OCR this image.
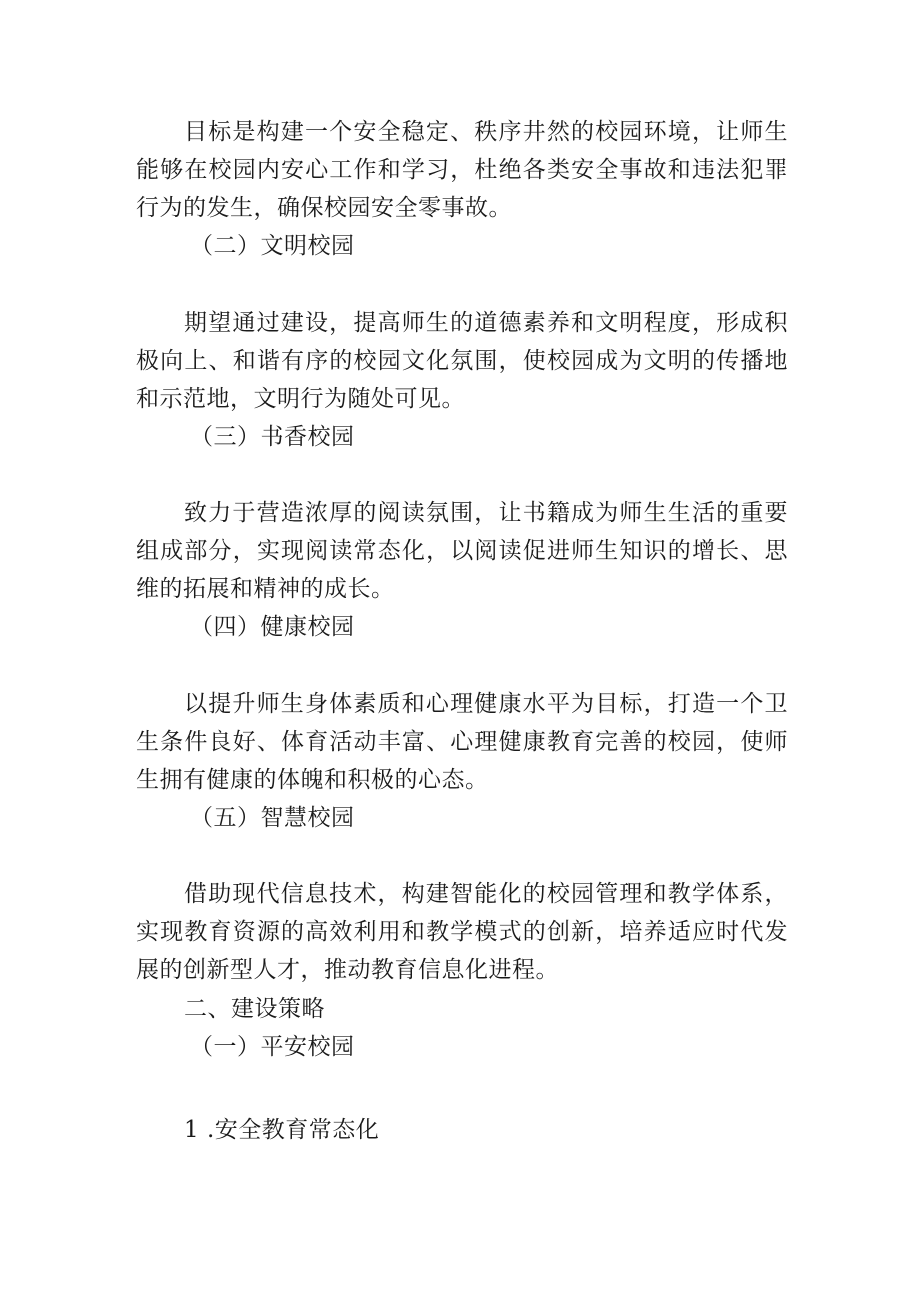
目标是构建一个安全稳定、秩序井然的校园环境，让师生能够在校园内安心工作和学习，杜绝各类安全事故和违法犯罪行为的发生，确保校园安全零事故。

（二）文明校园

期望通过建设，提高师生的道德素养和文明程度，形成积极向上、和谐有序的校园文化氛围，使校园成为文明的传播地和示范地，文明行为随处可见。

（三）书香校园

致力于营造浓厚的阅读氛围，让书籍成为师生生活的重要组成部分，实现阅读常态化，以阅读促进师生知识的增长、思维的拓展和精神的成长。

（四）健康校园

以提升师生身体素质和心理健康水平为目标，打造一个卫生条件良好、体育活动丰富、心理健康教育完善的校园，使师生拥有健康的体魄和积极的心态。

（五）智慧校园

借助现代信息技术，构建智能化的校园管理和教学体系，实现教育资源的高效利用和教学模式的创新，培养适应时代发展的创新型人才，推动教育信息化进程。

二、建设策略

（一）平安校园

1 .安全教育常态化
